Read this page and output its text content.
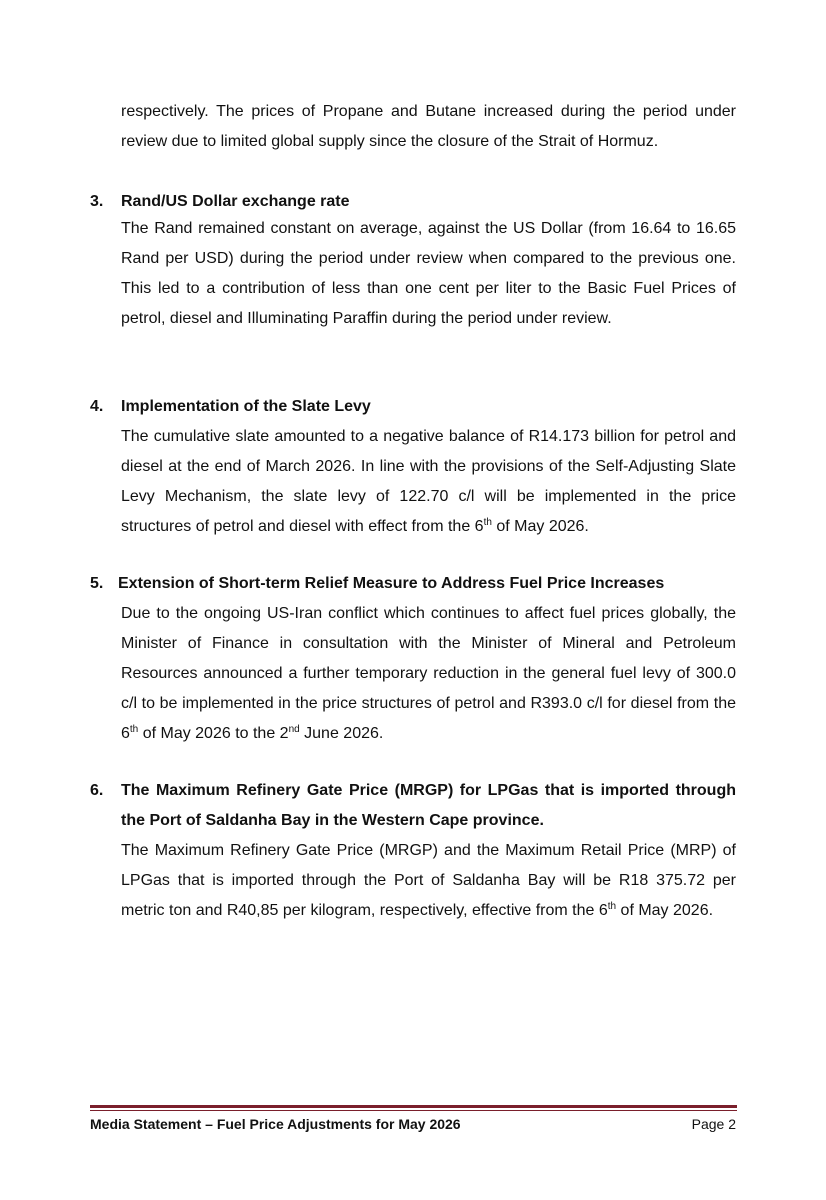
respectively. The prices of Propane and Butane increased during the period under review due to limited global supply since the closure of the Strait of Hormuz.

3. Rand/US Dollar exchange rate
The Rand remained constant on average, against the US Dollar (from 16.64 to 16.65 Rand per USD) during the period under review when compared to the previous one. This led to a contribution of less than one cent per liter to the Basic Fuel Prices of petrol, diesel and Illuminating Paraffin during the period under review.
4. Implementation of the Slate Levy
The cumulative slate amounted to a negative balance of R14.173 billion for petrol and diesel at the end of March 2026. In line with the provisions of the Self-Adjusting Slate Levy Mechanism, the slate levy of 122.70 c/l will be implemented in the price structures of petrol and diesel with effect from the 6th of May 2026.
5. Extension of Short-term Relief Measure to Address Fuel Price Increases
Due to the ongoing US-Iran conflict which continues to affect fuel prices globally, the Minister of Finance in consultation with the Minister of Mineral and Petroleum Resources announced a further temporary reduction in the general fuel levy of 300.0 c/l to be implemented in the price structures of petrol and R393.0 c/l for diesel from the 6th of May 2026 to the 2nd June 2026.
6.	The Maximum Refinery Gate Price (MRGP) for LPGas that is imported through the Port of Saldanha Bay in the Western Cape province.
The Maximum Refinery Gate Price (MRGP) and the Maximum Retail Price (MRP) of LPGas that is imported through the Port of Saldanha Bay will be R18 375.72 per metric ton and R40,85 per kilogram, respectively, effective from the 6th of May 2026.
Media Statement – Fuel Price Adjustments for May 2026	Page 2
